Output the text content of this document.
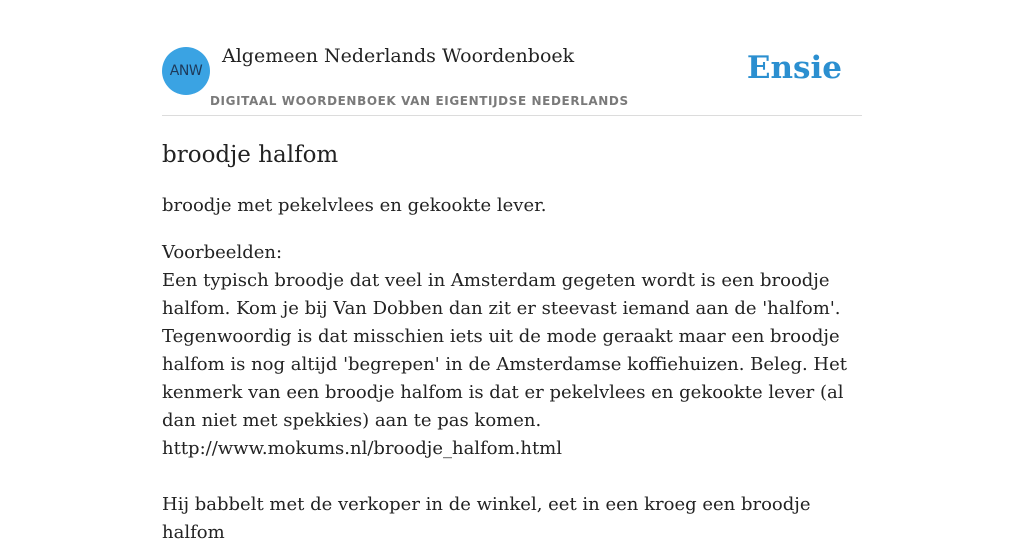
ANW
Algemeen Nederlands Woordenboek
DIGITAAL WOORDENBOEK VAN EIGENTIJDSE NEDERLANDS
Ensie
broodje halfom

broodje met pekelvlees en gekookte lever.

Voorbeelden:

Een typisch broodje dat veel in Amsterdam gegeten wordt is een broodje halfom. Kom je bij Van Dobben dan zit er steevast iemand aan de 'halfom'. Tegenwoordig is dat misschien iets uit de mode geraakt maar een broodje halfom is nog altijd 'begrepen' in de Amsterdamse koffiehuizen. Beleg. Het kenmerk van een broodje halfom is dat er pekelvlees en gekookte lever (al dan niet met spekkies) aan te pas komen.

http://www.mokums.nl/broodje_halfom.html

Hij babbelt met de verkoper in de winkel, eet in een kroeg een broodje halfom
